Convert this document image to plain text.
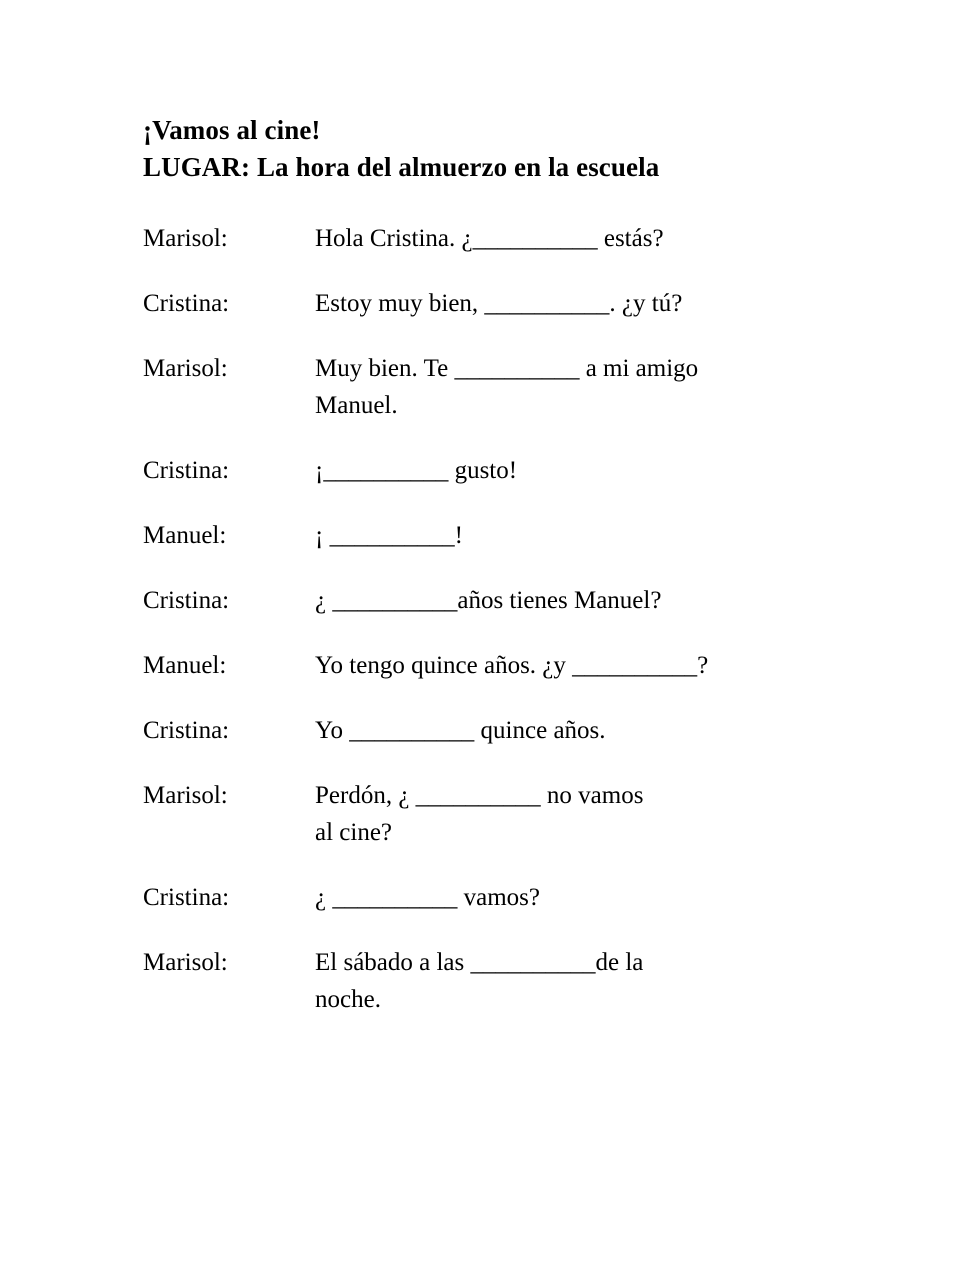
¡Vamos al cine!
LUGAR: La hora del almuerzo en la escuela
Marisol:	Hola Cristina. ¿__________ estás?
Cristina:	Estoy muy bien, __________. ¿y tú?
Marisol:	Muy bien. Te __________ a mi amigo
Manuel.
Cristina:	¡__________ gusto!
Manuel:	¡ __________!
Cristina:	¿ __________años tienes Manuel?
Manuel:	Yo tengo quince años. ¿y __________?
Cristina:	Yo __________ quince años.
Marisol:	Perdón, ¿ __________ no vamos
al cine?
Cristina:	¿ __________ vamos?
Marisol:	El sábado a las __________de la
noche.
